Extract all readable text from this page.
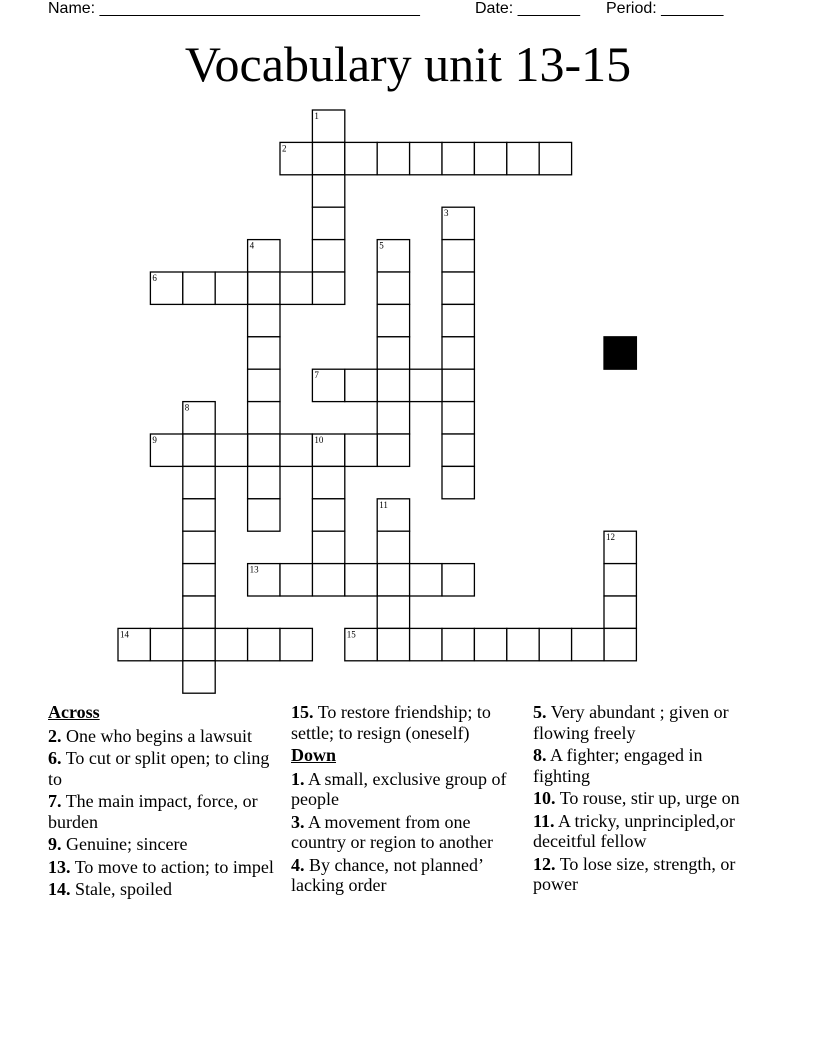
Name: ____________________________________	Date: _______ Period: _______
Vocabulary unit 13-15
1
2
3
4	5
6
7
8
9	10
11
12
13
14	15
Across
2. One who begins a lawsuit
6. To cut or split open; to cling to
7. The main impact, force, or burden
9. Genuine; sincere
13. To move to action; to impel
14. Stale, spoiled
15. To restore friendship; to settle; to resign (oneself)
Down
1. A small, exclusive group of people
3. A movement from one country or region to another
4. By chance, not planned’ lacking order
5. Very abundant ; given or flowing freely
8. A fighter; engaged in fighting
10. To rouse, stir up, urge on
11. A tricky, unprincipled,or deceitful fellow
12. To lose size, strength, or power
